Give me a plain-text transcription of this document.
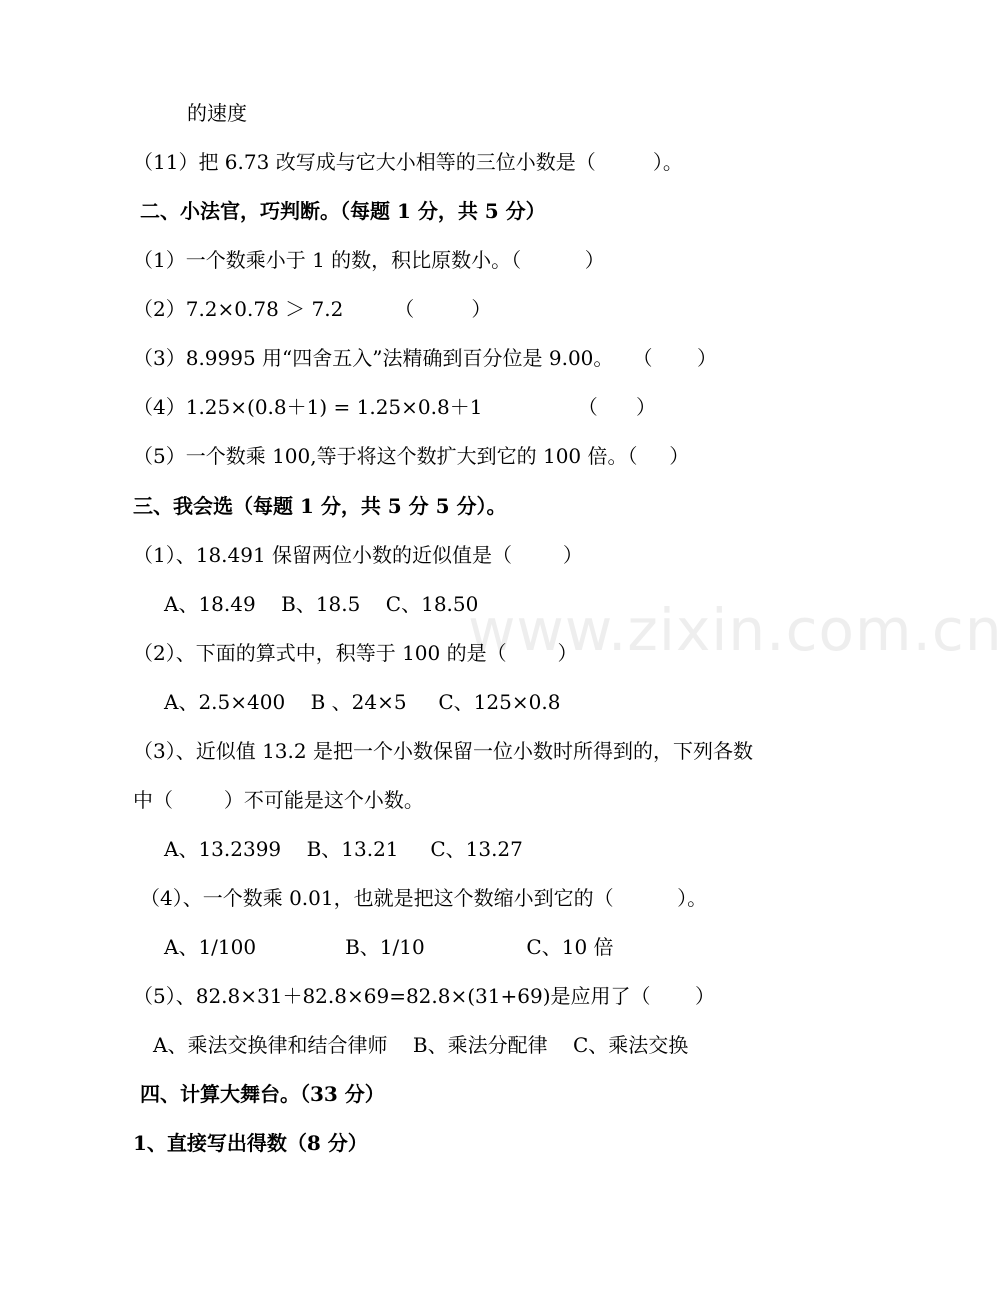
www.zixin.com.cn
的速度
（11）把 6.73 改写成与它大小相等的三位小数是（         ）。
二、小法官，巧判断。（每题 1 分，共 5 分）
（1）一个数乘小于 1 的数，积比原数小。（          ）
（2）7.2×0.78 ＞ 7.2        （         ）
（3）8.9995 用“四舍五入”法精确到百分位是 9.00。   （       ）
（4）1.25×(0.8＋1) = 1.25×0.8＋1               （      ）
（5）一个数乘 100,等于将这个数扩大到它的 100 倍。（     ）
三、我会选（每题 1 分，共 5 分 5 分）。
（1）、18.491 保留两位小数的近似值是（        ）
A、18.49    B、18.5    C、18.50
（2）、下面的算式中，积等于 100 的是（        ）
A、2.5×400    B 、24×5     C、125×0.8
（3）、近似值 13.2 是把一个小数保留一位小数时所得到的，下列各数
中（        ）不可能是这个小数。
A、13.2399    B、13.21     C、13.27
（4）、一个数乘 0.01，也就是把这个数缩小到它的（          ）。
A、1/100              B、1/10                C、10 倍
（5）、82.8×31＋82.8×69=82.8×(31+69)是应用了（       ）
A、乘法交换律和结合律师    B、乘法分配律    C、乘法交换
四、计算大舞台。（33 分）
1、直接写出得数（8 分）
